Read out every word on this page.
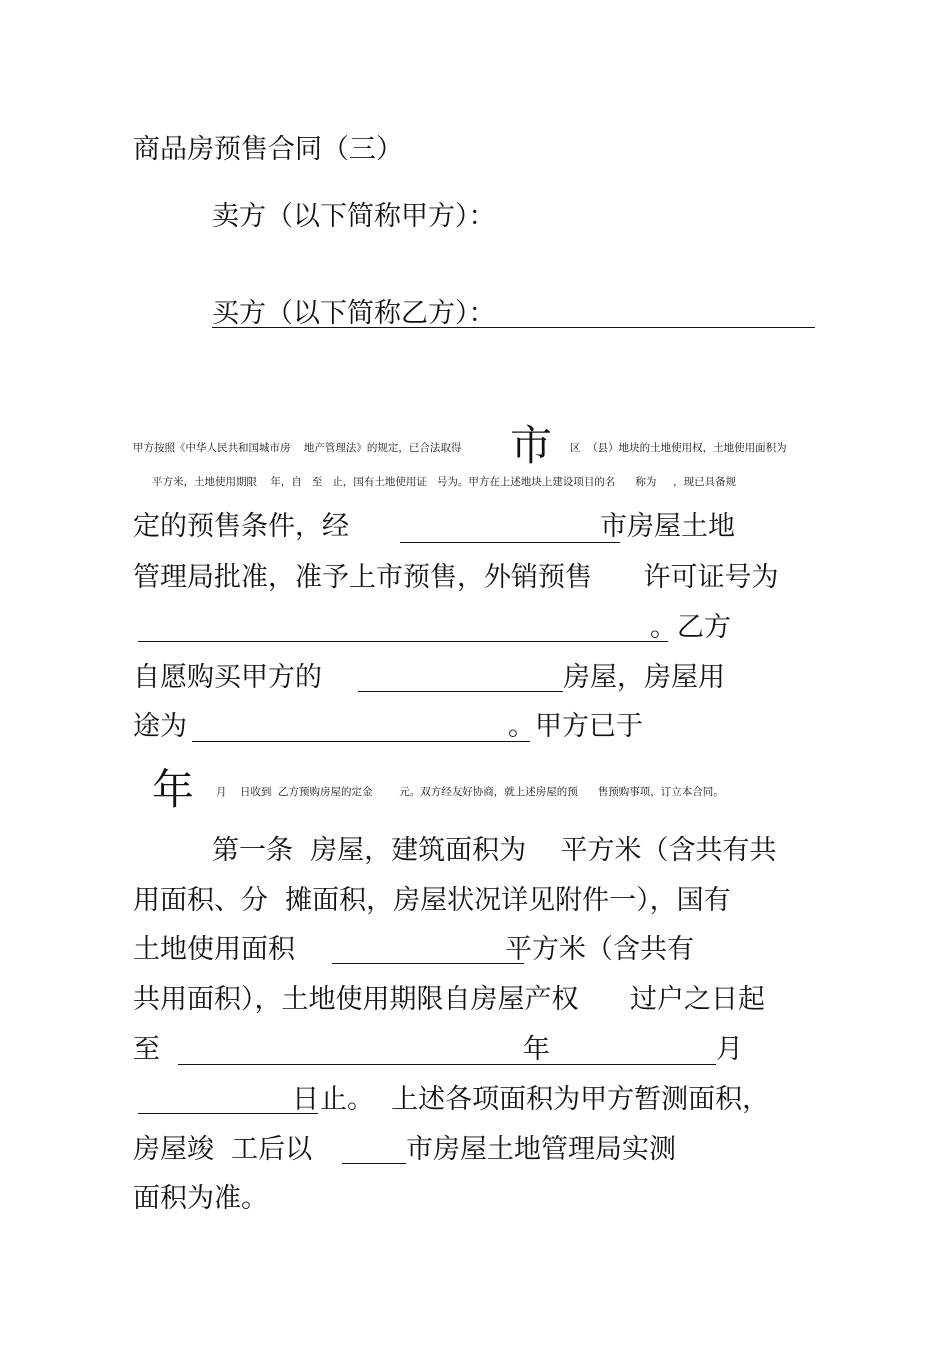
商品房预售合同（三）
卖方（以下简称甲方）：
买方（以下简称乙方）：
甲方按照《中华人民共和国城市房    地产管理法》的规定，已合法取得 市 区  （县）地块的土地使用权，土地使用面积为
平方米，土地使用期限    年，自   至   止，国有土地使用证   号为。甲方在上述地块上建设项目的名      称为     ，现已具备规
定的预售条件，经	市房屋土地
管理局批准，准予上市预售，外销预售      许可证号为
。乙方
自愿购买甲方的	房屋，房屋用
途为	。甲方已于
年 月    日收到  乙方预购房屋的定金        元。双方经友好协商，就上述房屋的预      售预购事项，订立本合同。
第一条  房屋，建筑面积为    平方米（含共有共
用面积、分  摊面积，房屋状况详见附件一），国有
土地使用面积	平方米（含共有
共用面积），土地使用期限自房屋产权      过户之日起
至	年	月
日 止。  上述各项面积为甲方暂测面积，
房屋竣  工后以	市房屋土地管理局实测
面积为准。
